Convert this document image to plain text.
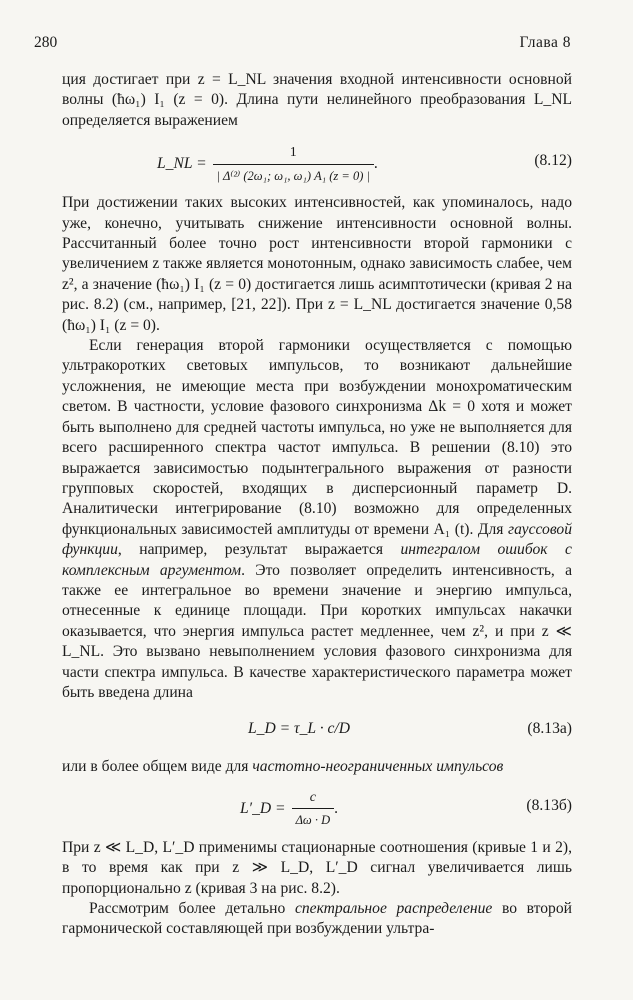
280	Глава 8

ция достигает при z = L_NL значения входной интенсивности основной волны (ħω₁) I₁ (z = 0). Длина пути нелинейного преобразования L_NL определяется выражением

L_NL = $\frac{1}{\text{| Δ⁽²⁾ (2ω₁; ω₁, ω₁) A₁ (z = 0) |}}$ .	(8.12)

При достижении таких высоких интенсивностей, как упоминалось, надо уже, конечно, учитывать снижение интенсивности основной волны. Рассчитанный более точно рост интенсивности второй гармоники с увеличением z также является монотонным, однако зависимость слабее, чем z², а значение (ħω₁) I₁ (z = 0) достигается лишь асимптотически (кривая 2 на рис. 8.2) (см., например, [21, 22]). При z = L_NL достигается значение 0,58 (ħω₁) I₁ (z = 0).

Если генерация второй гармоники осуществляется с помощью ультракоротких световых импульсов, то возникают дальнейшие усложнения, не имеющие места при возбуждении монохроматическим светом. В частности, условие фазового синхронизма Δk = 0 хотя и может быть выполнено для средней частоты импульса, но уже не выполняется для всего расширенного спектра частот импульса. В решении (8.10) это выражается зависимостью подынтегрального выражения от разности групповых скоростей, входящих в дисперсионный параметр D. Аналитически интегрирование (8.10) возможно для определенных функциональных зависимостей амплитуды от времени A₁ (t). Для гауссовой функции, например, результат выражается интегралом ошибок с комплексным аргументом. Это позволяет определить интенсивность, а также ее интегральное во времени значение и энергию импульса, отнесенные к единице площади. При коротких импульсах накачки оказывается, что энергия импульса растет медленнее, чем z², и при z ≪ L_NL. Это вызвано невыполнением условия фазового синхронизма для части спектра импульса. В качестве характеристического параметра может быть введена длина

L_D = τ_L · c/D	(8.13а)

или в более общем виде для частотно-неограниченных импульсов

L′_D = $\frac{c}{\Delta\omega \cdot D}$ .	(8.13б)

При z ≪ L_D, L′_D применимы стационарные соотношения (кривые 1 и 2), в то время как при z ≫ L_D, L′_D сигнал увеличивается лишь пропорционально z (кривая 3 на рис. 8.2).

Рассмотрим более детально спектральное распределение во второй гармонической составляющей при возбуждении ультра-
